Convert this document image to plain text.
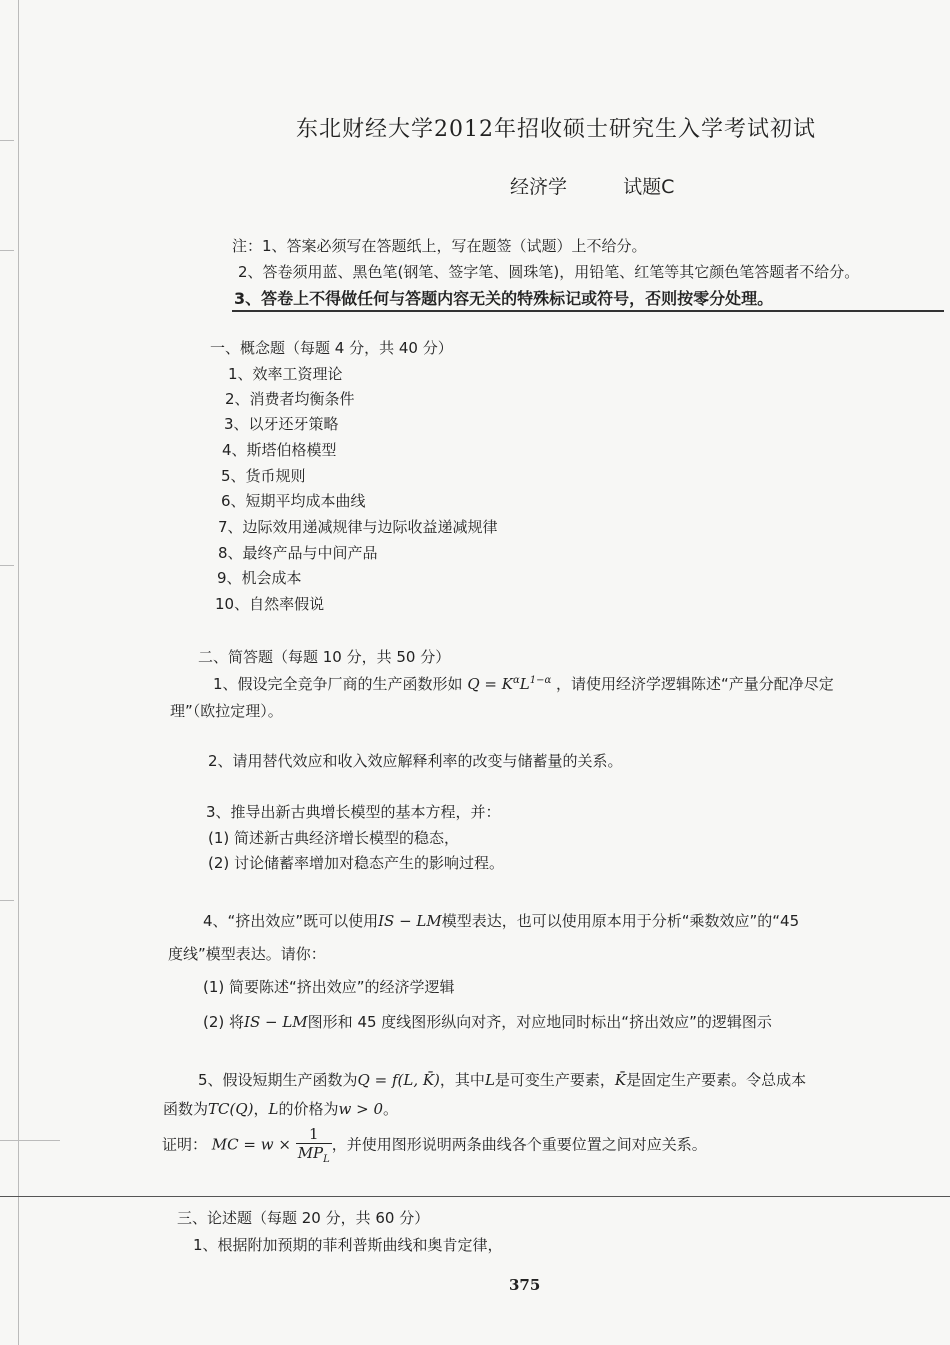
东北财经大学2012年招收硕士研究生入学考试初试
经济学	试题C
注：1、答案必须写在答题纸上，写在题签（试题）上不给分。
2、答卷须用蓝、黑色笔(钢笔、签字笔、圆珠笔)，用铅笔、红笔等其它颜色笔答题者不给分。
3、答卷上不得做任何与答题内容无关的特殊标记或符号，否则按零分处理。
一、概念题（每题 4 分，共 40 分）
1、效率工资理论
2、消费者均衡条件
3、以牙还牙策略
4、斯塔伯格模型
5、货币规则
6、短期平均成本曲线
7、边际效用递减规律与边际收益递减规律
8、最终产品与中间产品
9、机会成本
10、自然率假说
二、简答题（每题 10 分，共 50 分）
1、假设完全竞争厂商的生产函数形如 $Q = K^\alpha L^{1-\alpha}$ ，请使用经济学逻辑陈述“产量分配净尽定
理”（欧拉定理）。
2、请用替代效应和收入效应解释利率的改变与储蓄量的关系。
3、推导出新古典增长模型的基本方程，并：
(1) 简述新古典经济增长模型的稳态，
(2) 讨论储蓄率增加对稳态产生的影响过程。
4、“挤出效应”既可以使用IS − LM模型表达，也可以使用原本用于分析“乘数效应”的“45
度线”模型表达。请你：
(1) 简要陈述“挤出效应”的经济学逻辑
(2) 将IS − LM图形和 45 度线图形纵向对齐，对应地同时标出“挤出效应”的逻辑图示
5、假设短期生产函数为Q = f(L, K̄)，其中L是可变生产要素，K̄是固定生产要素。令总成本
函数为TC(Q)，L的价格为w > 0。
证明： MC = $w \times \frac{1}{MP_L}$ ，并使用图形说明两条曲线各个重要位置之间对应关系。
三、论述题（每题 20 分，共 60 分）
1、根据附加预期的菲利普斯曲线和奥肯定律，
375
